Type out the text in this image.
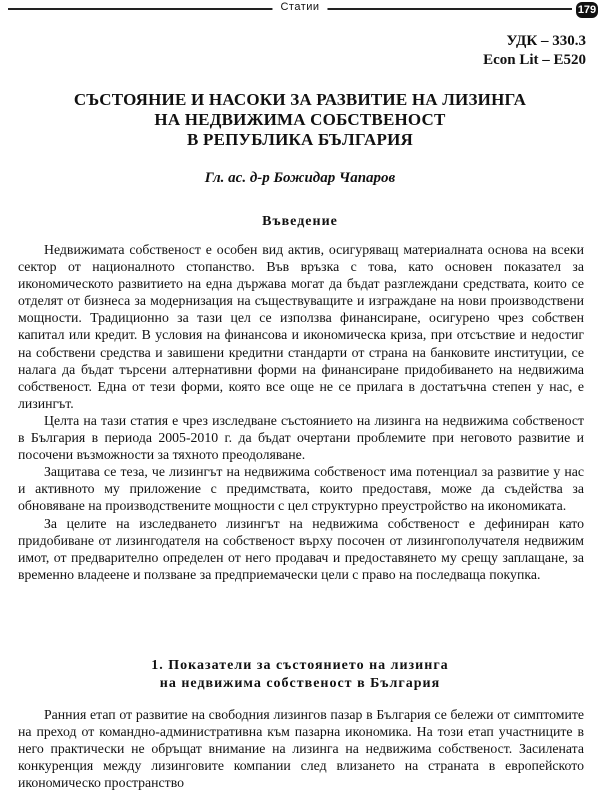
Статии	179
УДК – 330.3
Econ Lit – E520
СЪСТОЯНИЕ И НАСОКИ ЗА РАЗВИТИЕ НА ЛИЗИНГА
НА НЕДВИЖИМА СОБСТВЕНОСТ
В РЕПУБЛИКА БЪЛГАРИЯ
Гл. ас. д-р Божидар Чапаров
Въведение

Недвижимата собственост е особен вид актив, осигуряващ материалната основа на всеки сектор от националното стопанство. Във връзка с това, като основен показател за икономическото развитието на една държава могат да бъдат разглеждани средствата, които се отделят от бизнеса за модернизация на съществуващите и изграждане на нови производствени мощности. Традиционно за тази цел се използва финансиране, осигурено чрез собствен капитал или кредит. В условия на финансова и икономическа криза, при отсъствие и недостиг на собствени средства и завишени кредитни стандарти от страна на банковите институции, се налага да бъдат търсени алтернативни форми на финансиране придобиването на недвижима собственост. Една от тези форми, която все още не се прилага в достатъчна степен у нас, е лизингът.

Целта на тази статия е чрез изследване състоянието на лизинга на недвижима собственост в България в периода 2005-2010 г. да бъдат очертани проблемите при неговото развитие и посочени възможности за тяхното преодоляване.

Защитава се теза, че лизингът на недвижима собственост има потенциал за развитие у нас и активното му приложение с предимствата, които предоставя, може да съдейства за обновяване на производствените мощности с цел структурно преустройство на икономиката.

За целите на изследването лизингът на недвижима собственост е дефиниран като придобиване от лизингодателя на собственост върху посочен от лизингополучателя недвижим имот, от предварително определен от него продавач и предоставянето му срещу заплащане, за временно владеене и ползване за предприемачески цели с право на последваща покупка.

1. Показатели за състоянието на лизинга
на недвижима собственост в България

Ранния етап от развитие на свободния лизингов пазар в България се бележи от симптомите на преход от командно-административна към пазарна икономика. На този етап участниците в него практически не обръщат внимание на лизинга на недвижима собственост. Засилената конкуренция между лизинговите компании след влизането на страната в европейското икономическо пространство
